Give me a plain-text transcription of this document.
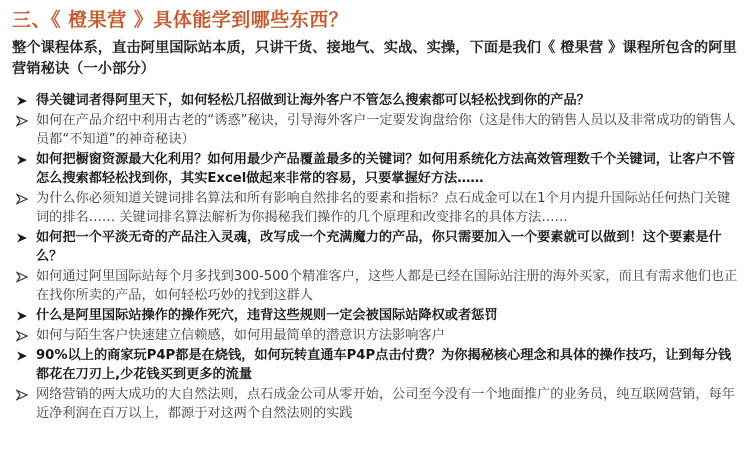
三、《 橙果营 》具体能学到哪些东西？
整个课程体系，直击阿里国际站本质，只讲干货、接地气、实战、实操，下面是我们《 橙果营 》课程所包含的阿里营销秘诀（一小部分）
得关键词者得阿里天下，如何轻松几招做到让海外客户不管怎么搜索都可以轻松找到你的产品？
如何在产品介绍中利用古老的“诱惑”秘诀，引导海外客户一定要发询盘给你（这是伟大的销售人员以及非常成功的销售人员都“不知道”的神奇秘诀）
如何把橱窗资源最大化利用？如何用最少产品覆盖最多的关键词？如何用系统化方法高效管理数千个关键词，让客户不管怎么搜索都轻松找到你，其实Excel做起来非常的容易，只要掌握好方法……
为什么你必须知道关键词排名算法和所有影响自然排名的要素和指标？点石成金可以在1个月内提升国际站任何热门关键词的排名…… 关键词排名算法解析为你揭秘我们操作的几个原理和改变排名的具体方法……
如何把一个平淡无奇的产品注入灵魂，改写成一个充满魔力的产品，你只需要加入一个要素就可以做到！这个要素是什么？
如何通过阿里国际站每个月多找到300-500个精准客户，这些人都是已经在国际站注册的海外买家，而且有需求他们也正在找你所卖的产品，如何轻松巧妙的找到这群人
什么是阿里国际站操作的操作死穴，违背这些规则一定会被国际站降权或者惩罚
如何与陌生客户快速建立信赖感，如何用最简单的潜意识方法影响客户
90%以上的商家玩P4P都是在烧钱，如何玩转直通车P4P点击付费？为你揭秘核心理念和具体的操作技巧，让到每分钱都花在刀刃上,少花钱买到更多的流量
网络营销的两大成功的大自然法则，点石成金公司从零开始，公司至今没有一个地面推广的业务员，纯互联网营销，每年近净利润在百万以上，都源于对这两个自然法则的实践
